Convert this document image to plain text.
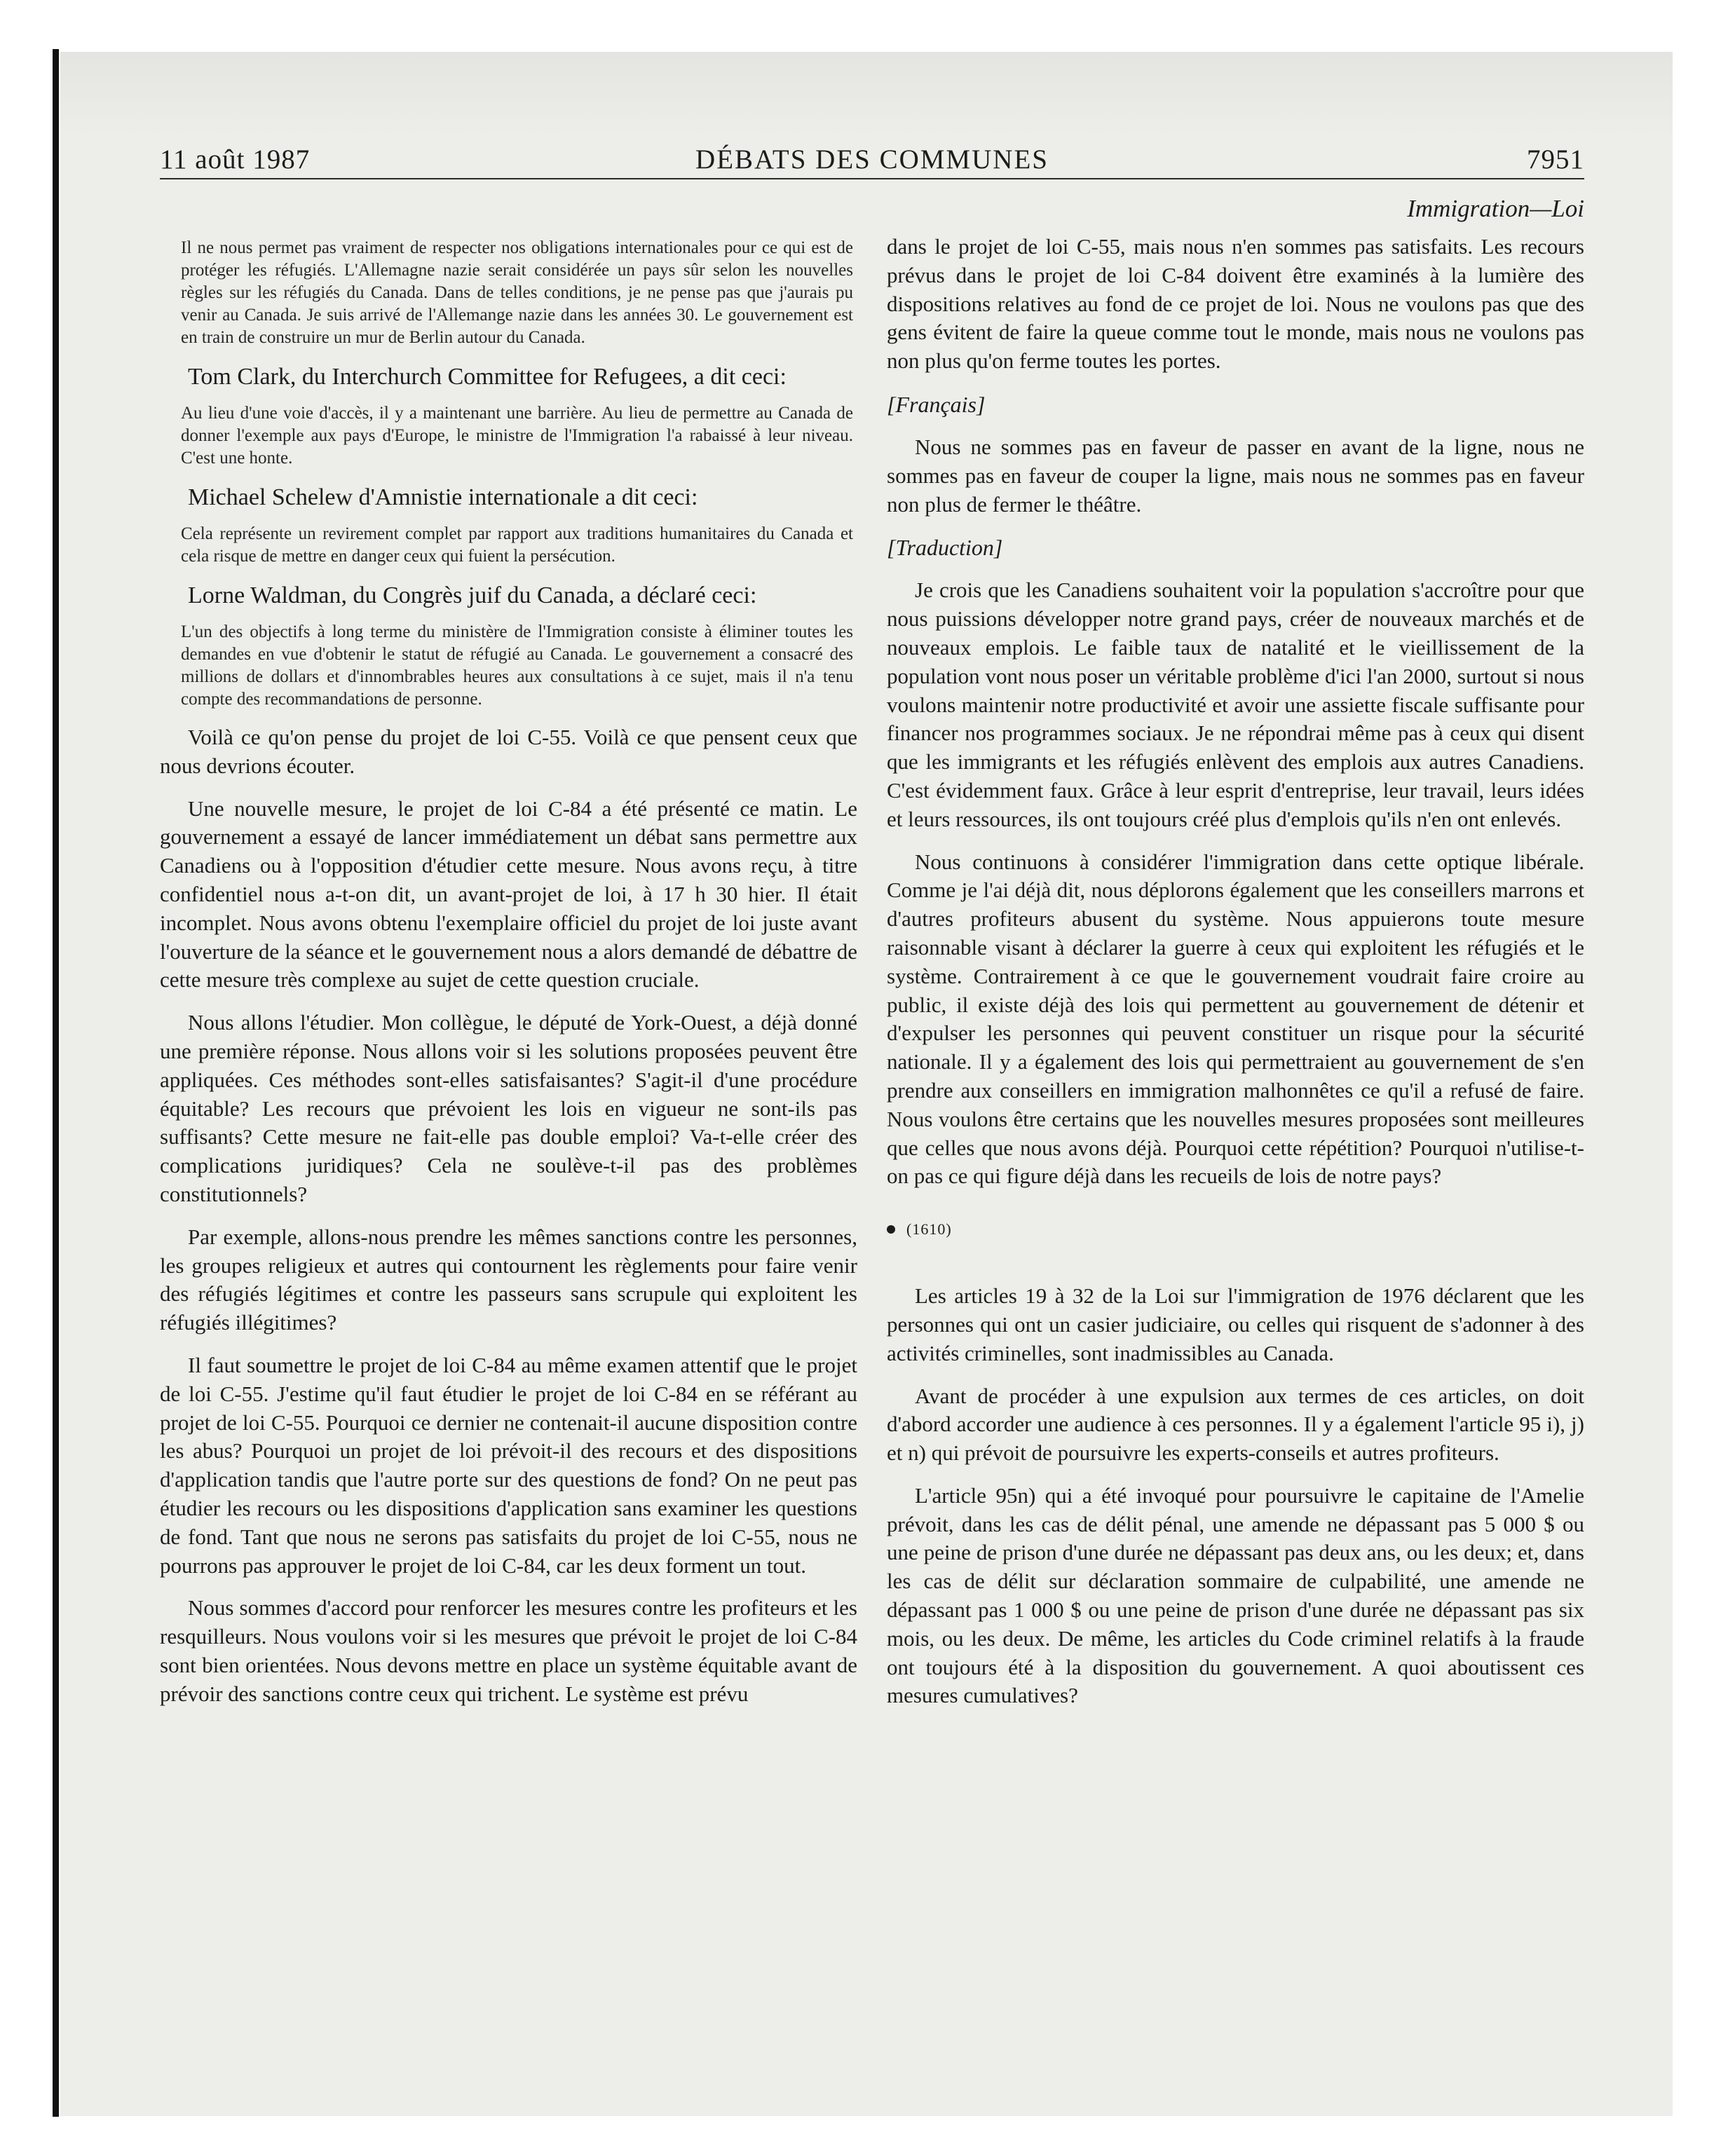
11 août 1987	DÉBATS DES COMMUNES	7951
Immigration—Loi

Il ne nous permet pas vraiment de respecter nos obligations internationales pour ce qui est de protéger les réfugiés. L'Allemagne nazie serait considérée un pays sûr selon les nouvelles règles sur les réfugiés du Canada. Dans de telles conditions, je ne pense pas que j'aurais pu venir au Canada. Je suis arrivé de l'Allemange nazie dans les années 30. Le gouvernement est en train de construire un mur de Berlin autour du Canada.

Tom Clark, du Interchurch Committee for Refugees, a dit ceci:

Au lieu d'une voie d'accès, il y a maintenant une barrière. Au lieu de permettre au Canada de donner l'exemple aux pays d'Europe, le ministre de l'Immigration l'a rabaissé à leur niveau. C'est une honte.

Michael Schelew d'Amnistie internationale a dit ceci:

Cela représente un revirement complet par rapport aux traditions humanitaires du Canada et cela risque de mettre en danger ceux qui fuient la persécution.

Lorne Waldman, du Congrès juif du Canada, a déclaré ceci:

L'un des objectifs à long terme du ministère de l'Immigration consiste à éliminer toutes les demandes en vue d'obtenir le statut de réfugié au Canada. Le gouvernement a consacré des millions de dollars et d'innombrables heures aux consultations à ce sujet, mais il n'a tenu compte des recommandations de personne.

Voilà ce qu'on pense du projet de loi C-55. Voilà ce que pensent ceux que nous devrions écouter.

Une nouvelle mesure, le projet de loi C-84 a été présenté ce matin. Le gouvernement a essayé de lancer immédiatement un débat sans permettre aux Canadiens ou à l'opposition d'étudier cette mesure. Nous avons reçu, à titre confidentiel nous a-t-on dit, un avant-projet de loi, à 17 h 30 hier. Il était incomplet. Nous avons obtenu l'exemplaire officiel du projet de loi juste avant l'ouverture de la séance et le gouvernement nous a alors demandé de débattre de cette mesure très complexe au sujet de cette question cruciale.

Nous allons l'étudier. Mon collègue, le député de York-Ouest, a déjà donné une première réponse. Nous allons voir si les solutions proposées peuvent être appliquées. Ces méthodes sont-elles satisfaisantes? S'agit-il d'une procédure équitable? Les recours que prévoient les lois en vigueur ne sont-ils pas suffisants? Cette mesure ne fait-elle pas double emploi? Va-t-elle créer des complications juridiques? Cela ne soulève-t-il pas des problèmes constitutionnels?

Par exemple, allons-nous prendre les mêmes sanctions contre les personnes, les groupes religieux et autres qui contournent les règlements pour faire venir des réfugiés légitimes et contre les passeurs sans scrupule qui exploitent les réfugiés illégitimes?

Il faut soumettre le projet de loi C-84 au même examen attentif que le projet de loi C-55. J'estime qu'il faut étudier le projet de loi C-84 en se référant au projet de loi C-55. Pourquoi ce dernier ne contenait-il aucune disposition contre les abus? Pourquoi un projet de loi prévoit-il des recours et des dispositions d'application tandis que l'autre porte sur des questions de fond? On ne peut pas étudier les recours ou les dispositions d'application sans examiner les questions de fond. Tant que nous ne serons pas satisfaits du projet de loi C-55, nous ne pourrons pas approuver le projet de loi C-84, car les deux forment un tout.

Nous sommes d'accord pour renforcer les mesures contre les profiteurs et les resquilleurs. Nous voulons voir si les mesures que prévoit le projet de loi C-84 sont bien orientées. Nous devons mettre en place un système équitable avant de prévoir des sanctions contre ceux qui trichent. Le système est prévu

dans le projet de loi C-55, mais nous n'en sommes pas satisfaits. Les recours prévus dans le projet de loi C-84 doivent être examinés à la lumière des dispositions relatives au fond de ce projet de loi. Nous ne voulons pas que des gens évitent de faire la queue comme tout le monde, mais nous ne voulons pas non plus qu'on ferme toutes les portes.

[Français]

Nous ne sommes pas en faveur de passer en avant de la ligne, nous ne sommes pas en faveur de couper la ligne, mais nous ne sommes pas en faveur non plus de fermer le théâtre.

[Traduction]

Je crois que les Canadiens souhaitent voir la population s'accroître pour que nous puissions développer notre grand pays, créer de nouveaux marchés et de nouveaux emplois. Le faible taux de natalité et le vieillissement de la population vont nous poser un véritable problème d'ici l'an 2000, surtout si nous voulons maintenir notre productivité et avoir une assiette fiscale suffisante pour financer nos programmes sociaux. Je ne répondrai même pas à ceux qui disent que les immigrants et les réfugiés enlèvent des emplois aux autres Canadiens. C'est évidemment faux. Grâce à leur esprit d'entreprise, leur travail, leurs idées et leurs ressources, ils ont toujours créé plus d'emplois qu'ils n'en ont enlevés.

Nous continuons à considérer l'immigration dans cette optique libérale. Comme je l'ai déjà dit, nous déplorons également que les conseillers marrons et d'autres profiteurs abusent du système. Nous appuierons toute mesure raisonnable visant à déclarer la guerre à ceux qui exploitent les réfugiés et le système. Contrairement à ce que le gouvernement voudrait faire croire au public, il existe déjà des lois qui permettent au gouvernement de détenir et d'expulser les personnes qui peuvent constituer un risque pour la sécurité nationale. Il y a également des lois qui permettraient au gouvernement de s'en prendre aux conseillers en immigration malhonnêtes ce qu'il a refusé de faire. Nous voulons être certains que les nouvelles mesures proposées sont meilleures que celles que nous avons déjà. Pourquoi cette répétition? Pourquoi n'utilise-t-on pas ce qui figure déjà dans les recueils de lois de notre pays?

(1610)

Les articles 19 à 32 de la Loi sur l'immigration de 1976 déclarent que les personnes qui ont un casier judiciaire, ou celles qui risquent de s'adonner à des activités criminelles, sont inadmissibles au Canada.

Avant de procéder à une expulsion aux termes de ces articles, on doit d'abord accorder une audience à ces personnes. Il y a également l'article 95 i), j) et n) qui prévoit de poursuivre les experts-conseils et autres profiteurs.

L'article 95n) qui a été invoqué pour poursuivre le capitaine de l'Amelie prévoit, dans les cas de délit pénal, une amende ne dépassant pas 5 000 $ ou une peine de prison d'une durée ne dépassant pas deux ans, ou les deux; et, dans les cas de délit sur déclaration sommaire de culpabilité, une amende ne dépassant pas 1 000 $ ou une peine de prison d'une durée ne dépassant pas six mois, ou les deux. De même, les articles du Code criminel relatifs à la fraude ont toujours été à la disposition du gouvernement. A quoi aboutissent ces mesures cumulatives?
